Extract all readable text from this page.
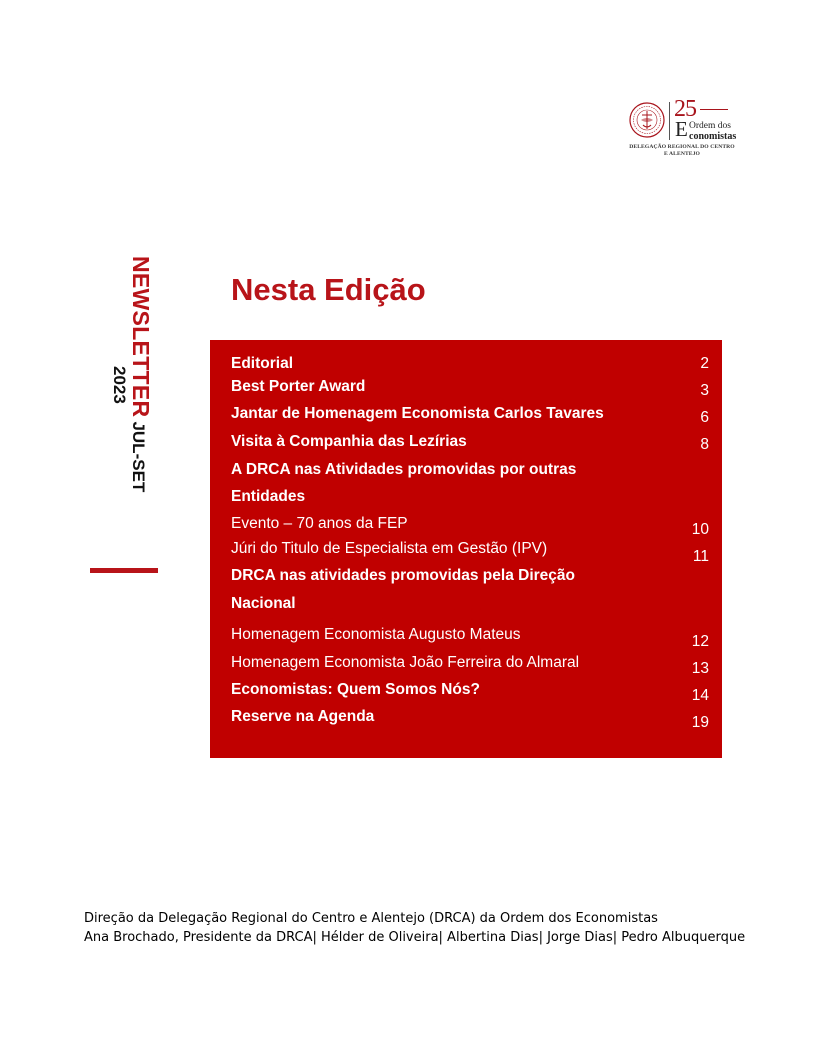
25
E Ordem dos
conomistas
DELEGAÇÃO REGIONAL DO CENTRO
E ALENTEJO
NEWSLETTERJUL-SET
2023
Nesta Edição
Editorial
Best Porter Award
Jantar de Homenagem Economista Carlos Tavares
Visita à Companhia das Lezírias
A DRCA nas Atividades promovidas por outras
Entidades
Evento – 70 anos da FEP
Júri do Titulo de Especialista em Gestão (IPV)
DRCA nas atividades promovidas pela Direção
Nacional
Homenagem Economista Augusto Mateus
Homenagem Economista João Ferreira do Almaral
Economistas: Quem Somos Nós?
Reserve na Agenda
2
3
6
8
10
11
12
13
14
19
Direção da Delegação Regional do Centro e Alentejo (DRCA) da Ordem dos Economistas
Ana Brochado, Presidente da DRCA| Hélder de Oliveira| Albertina Dias| Jorge Dias| Pedro Albuquerque
